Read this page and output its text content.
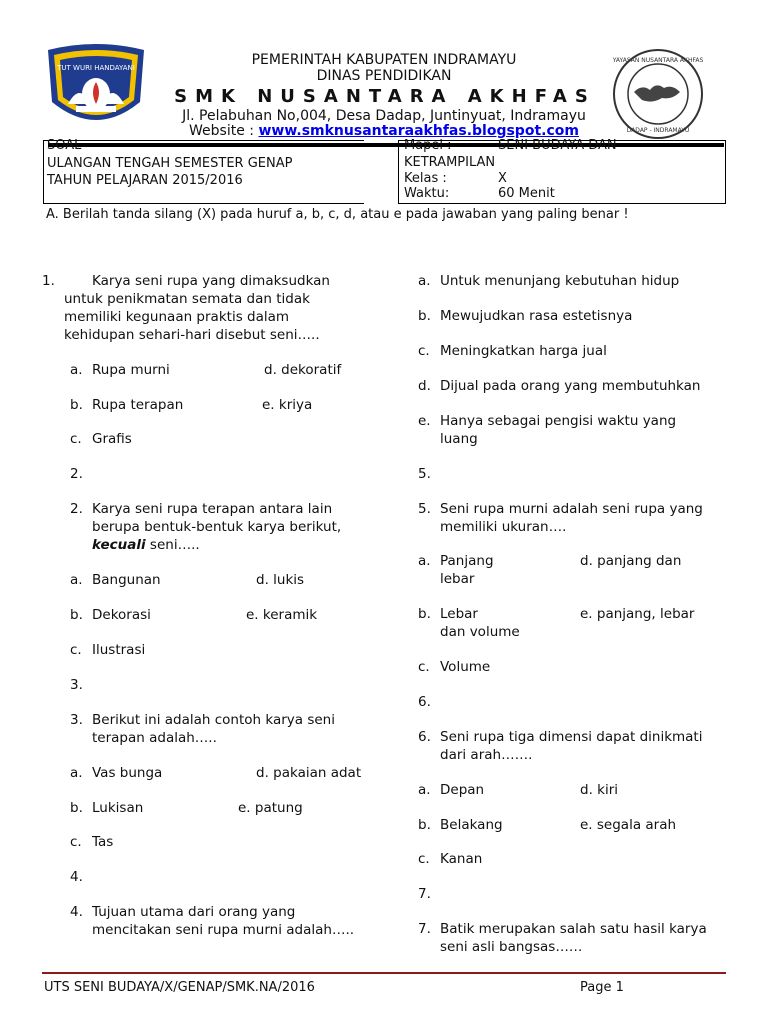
TUT WURI HANDAYANI
YAYASAN NUSANTARA AKHFAS
DADAP - INDRAMAYU
PEMERINTAH KABUPATEN INDRAMAYU
DINAS PENDIDIKAN
SMK NUSANTARA AKHFAS
Jl. Pelabuhan No,004, Desa Dadap, Juntinyuat, Indramayu
Website : www.smknusantaraakhfas.blogspot.com
SOAL
ULANGAN TENGAH SEMESTER GENAP
TAHUN PELAJARAN 2015/2016
Mapel :	SENI BUDAYA DAN
KETRAMPILAN
Kelas :	X
Waktu:	60 Menit
A. Berilah tanda silang (X) pada huruf a, b, c, d, atau e pada jawaban yang paling benar !
1.	Karya seni rupa yang dimaksudkan
untuk penikmatan semata dan tidak
memiliki kegunaan praktis dalam
kehidupan sehari-hari disebut seni…..
a. Rupa murni	d. dekoratif
b. Rupa terapan	e. kriya
c. Grafis
2.
2. Karya seni rupa terapan antara lain
berupa bentuk-bentuk karya berikut,
kecuali seni…..
a. Bangunan	d. lukis
b. Dekorasi	e. keramik
c. Ilustrasi
3.
3. Berikut ini adalah contoh karya seni
terapan adalah…..
a. Vas bunga	d. pakaian adat
b. Lukisan	e. patung
c. Tas
4.
4. Tujuan utama dari orang yang
mencitakan seni rupa murni adalah…..
a. Untuk menunjang kebutuhan hidup
b. Mewujudkan rasa estetisnya
c. Meningkatkan harga jual
d. Dijual pada orang yang membutuhkan
e. Hanya sebagai pengisi waktu yang
luang
5.
5. Seni rupa murni adalah seni rupa yang
memiliki ukuran….
a. Panjang	d. panjang dan
lebar
b. Lebar	e. panjang, lebar
dan volume
c. Volume
6.
6. Seni rupa tiga dimensi dapat dinikmati
dari arah…….
a. Depan	d. kiri
b. Belakang	e. segala arah
c. Kanan
7.
7. Batik merupakan salah satu hasil karya
seni asli bangsas……
UTS SENI BUDAYA/X/GENAP/SMK.NA/2016	Page 1
